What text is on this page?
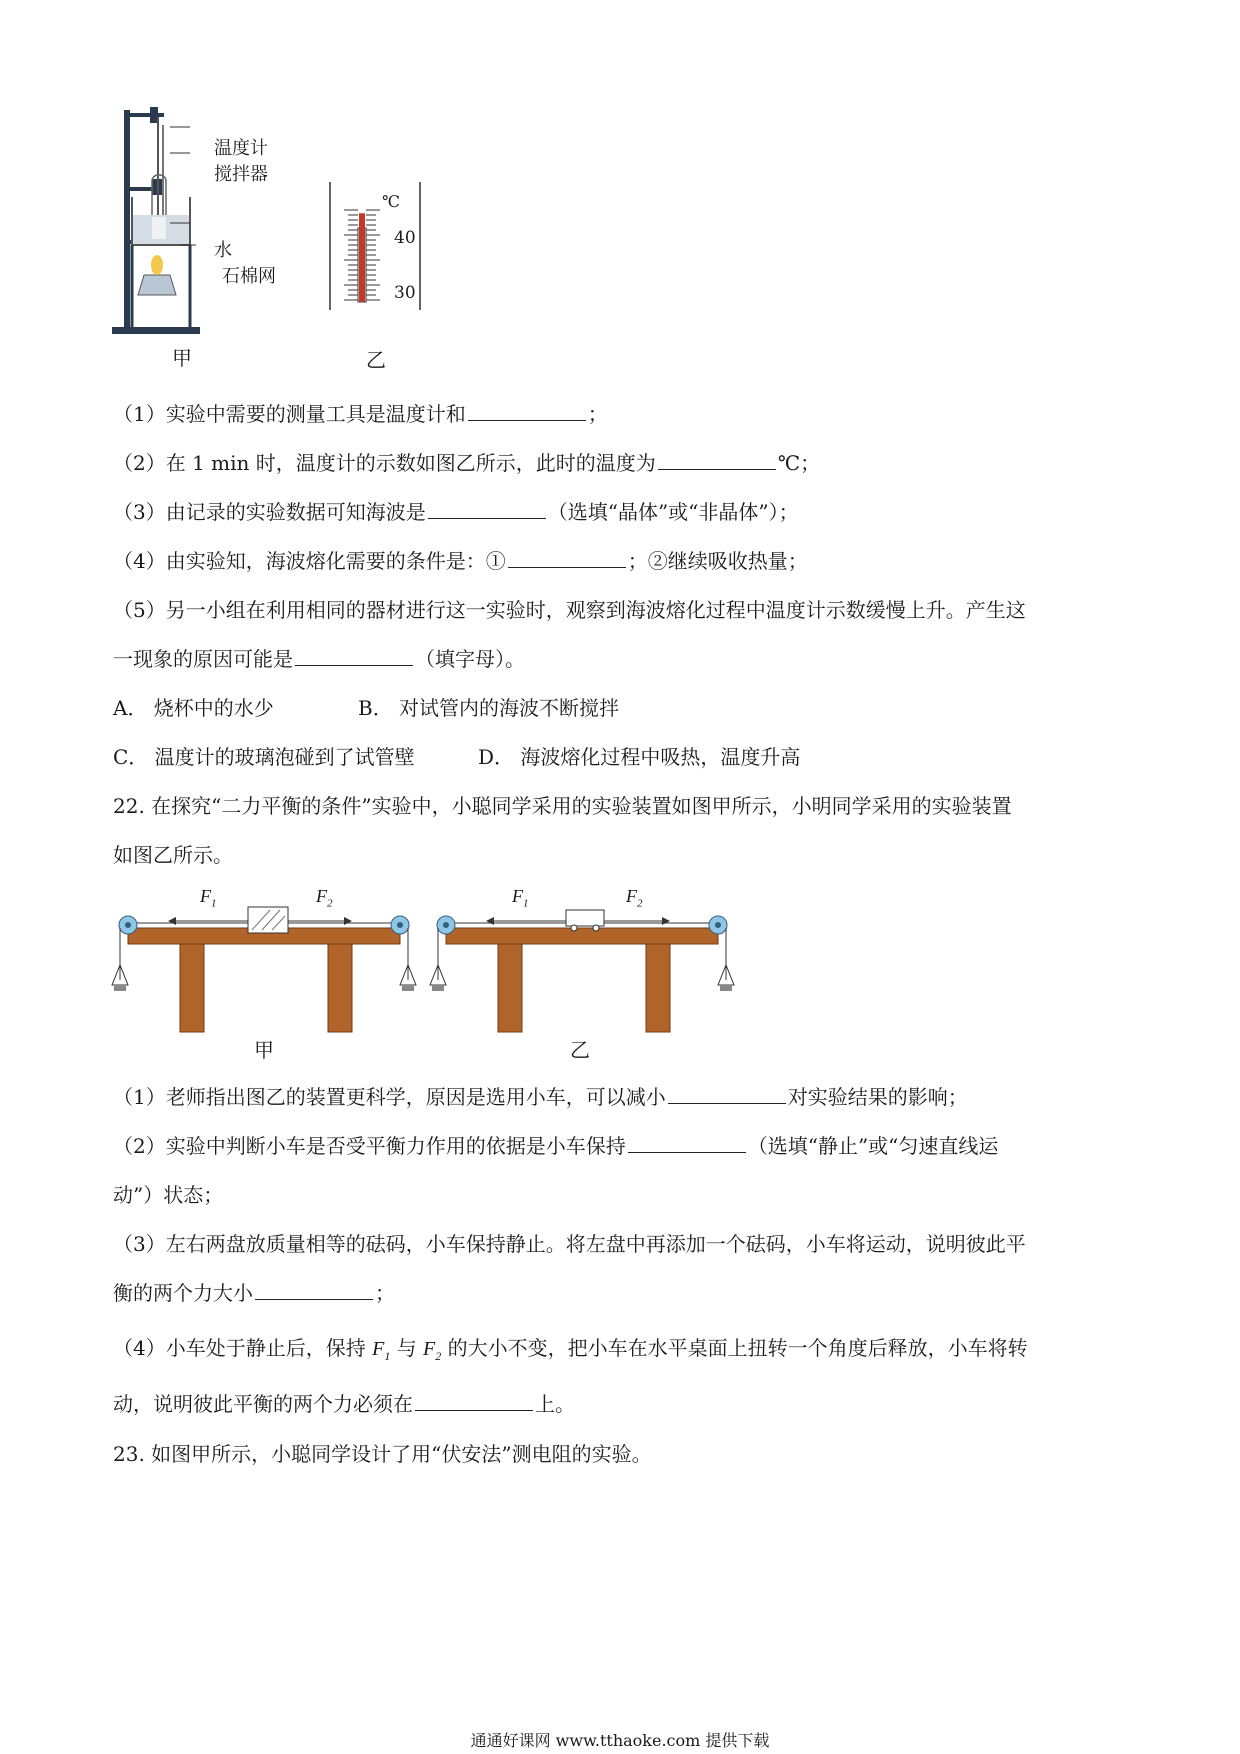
温度计
搅拌器
水
石棉网
甲
℃
40
30
乙
（1）实验中需要的测量工具是温度计和	；
（2）在 1 min 时，温度计的示数如图乙所示，此时的温度为	℃；
（3）由记录的实验数据可知海波是	（选填“晶体”或“非晶体”）；
（4）由实验知，海波熔化需要的条件是：①	；②继续吸收热量；
（5）另一小组在利用相同的器材进行这一实验时，观察到海波熔化过程中温度计示数缓慢上升。产生这
一现象的原因可能是	（填字母）。
A． 烧杯中的水少	B． 对试管内的海波不断搅拌
C． 温度计的玻璃泡碰到了试管壁	D． 海波熔化过程中吸热，温度升高
22. 在探究“二力平衡的条件”实验中，小聪同学采用的实验装置如图甲所示，小明同学采用的实验装置
如图乙所示。
$F_1$	$F_2$
甲
$F_1$	$F_2$
乙
（1）老师指出图乙的装置更科学，原因是选用小车，可以减小	对实验结果的影响；
（2）实验中判断小车是否受平衡力作用的依据是小车保持	（选填“静止”或“匀速直线运
动”）状态；
（3）左右两盘放质量相等的砝码，小车保持静止。将左盘中再添加一个砝码，小车将运动，说明彼此平
衡的两个力大小	；
（4）小车处于静止后，保持 $F_1$ 与 $F_2$ 的大小不变，把小车在水平桌面上扭转一个角度后释放，小车将转
动，说明彼此平衡的两个力必须在	上。
23. 如图甲所示，小聪同学设计了用“伏安法”测电阻的实验。
通通好课网 www.tthaoke.com 提供下载
